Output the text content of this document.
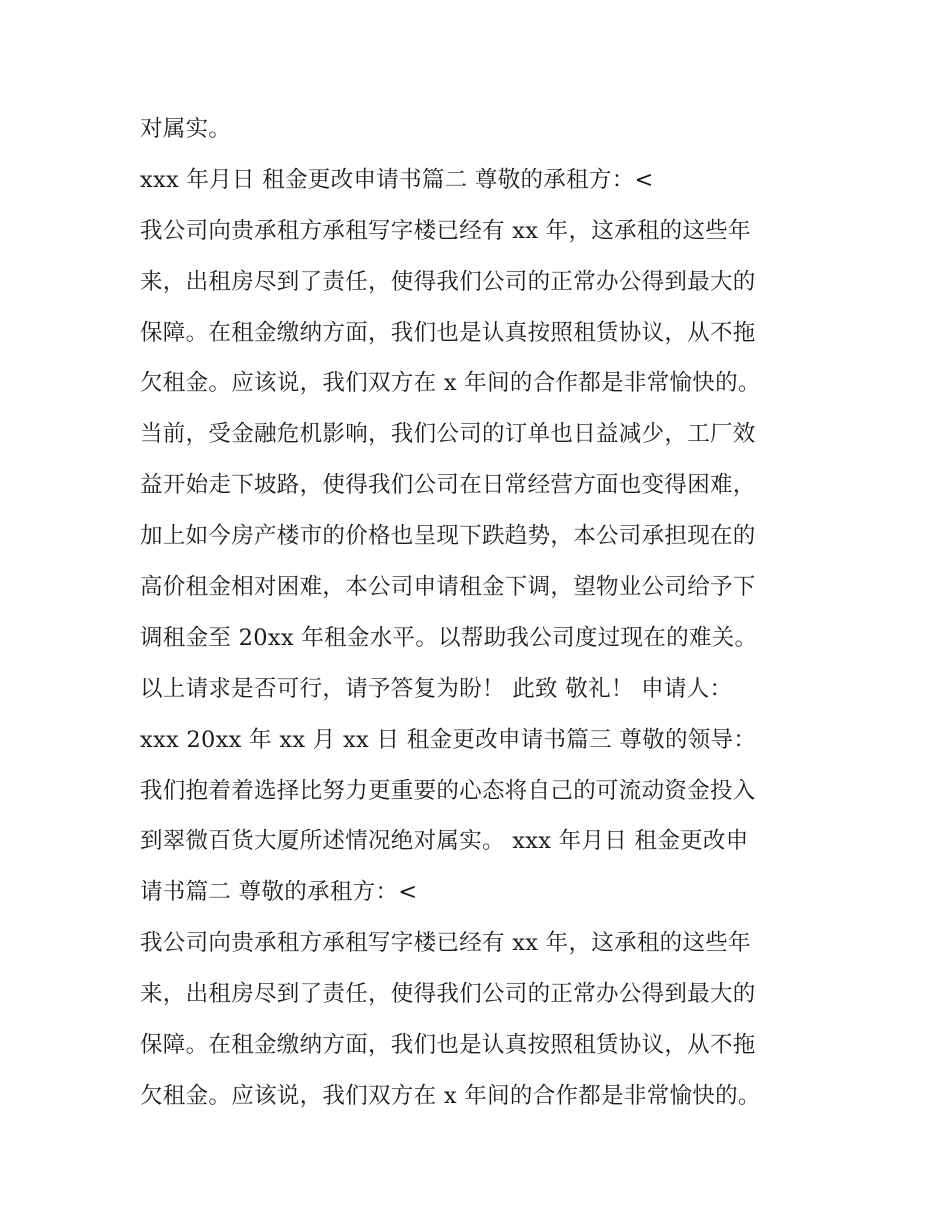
对属实。
xxx 年月日 租金更改申请书篇二 尊敬的承租方：<
我公司向贵承租方承租写字楼已经有 xx 年，这承租的这些年
来，出租房尽到了责任，使得我们公司的正常办公得到最大的
保障。在租金缴纳方面，我们也是认真按照租赁协议，从不拖
欠租金。应该说，我们双方在 x 年间的合作都是非常愉快的。
当前，受金融危机影响，我们公司的订单也日益减少，工厂效
益开始走下坡路，使得我们公司在日常经营方面也变得困难，
加上如今房产楼市的价格也呈现下跌趋势，本公司承担现在的
高价租金相对困难，本公司申请租金下调，望物业公司给予下
调租金至 20xx 年租金水平。以帮助我公司度过现在的难关。
以上请求是否可行，请予答复为盼！ 此致 敬礼！ 申请人：
xxx 20xx 年 xx 月 xx 日 租金更改申请书篇三 尊敬的领导：
我们抱着着选择比努力更重要的心态将自己的可流动资金投入
到翠微百货大厦所述情况绝对属实。 xxx 年月日 租金更改申
请书篇二 尊敬的承租方：<
我公司向贵承租方承租写字楼已经有 xx 年，这承租的这些年
来，出租房尽到了责任，使得我们公司的正常办公得到最大的
保障。在租金缴纳方面，我们也是认真按照租赁协议，从不拖
欠租金。应该说，我们双方在 x 年间的合作都是非常愉快的。
